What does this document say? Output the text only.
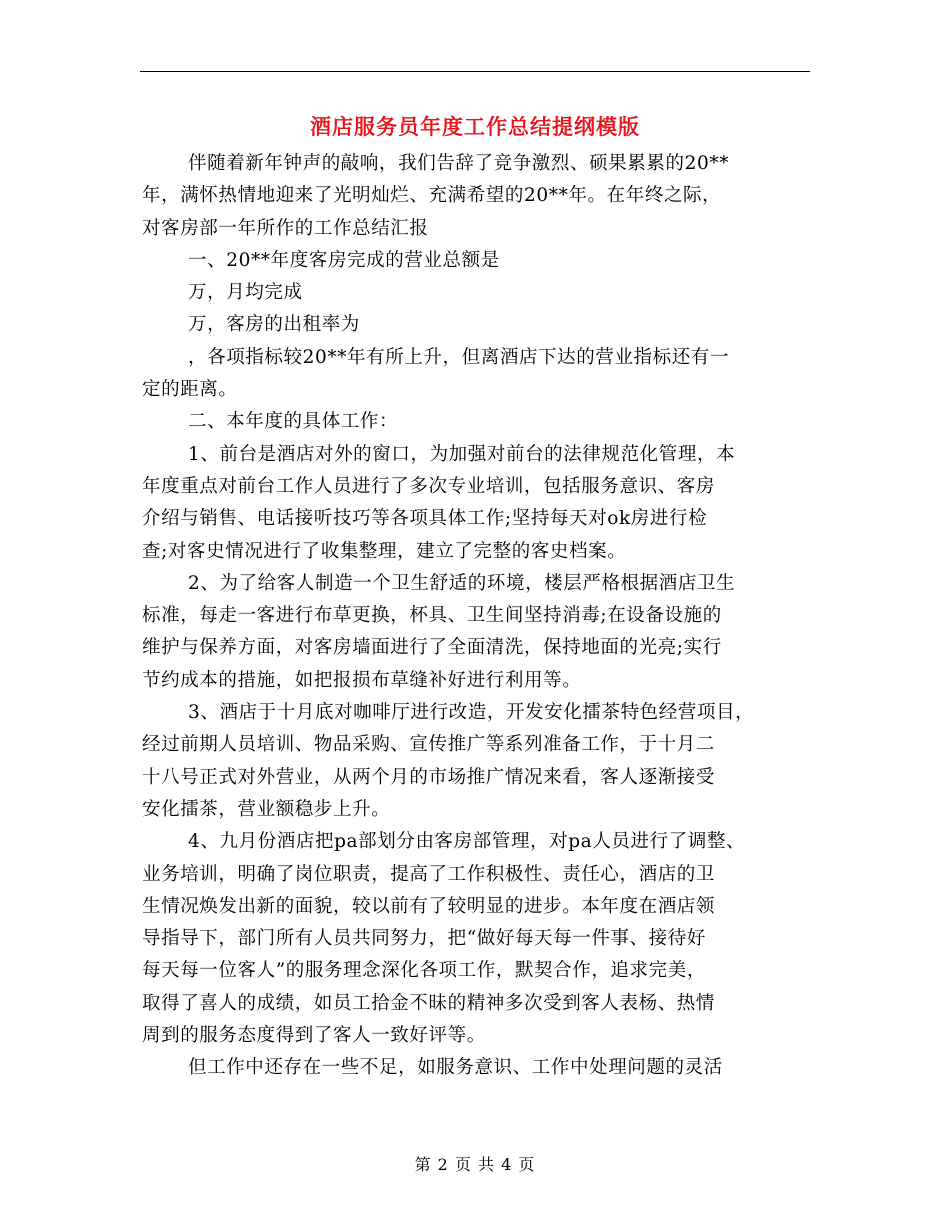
酒店服务员年度工作总结提纲模版
伴随着新年钟声的敲响，我们告辞了竞争激烈、硕果累累的20**
年，满怀热情地迎来了光明灿烂、充满希望的20**年。在年终之际，
对客房部一年所作的工作总结汇报
一、20**年度客房完成的营业总额是
万，月均完成
万，客房的出租率为
，各项指标较20**年有所上升，但离酒店下达的营业指标还有一
定的距离。
二、本年度的具体工作：
1、前台是酒店对外的窗口，为加强对前台的法律规范化管理，本
年度重点对前台工作人员进行了多次专业培训，包括服务意识、客房
介绍与销售、电话接听技巧等各项具体工作;坚持每天对ok房进行检
查;对客史情况进行了收集整理，建立了完整的客史档案。
2、为了给客人制造一个卫生舒适的环境，楼层严格根据酒店卫生
标准，每走一客进行布草更换，杯具、卫生间坚持消毒;在设备设施的
维护与保养方面，对客房墙面进行了全面清洗，保持地面的光亮;实行
节约成本的措施，如把报损布草缝补好进行利用等。
3、酒店于十月底对咖啡厅进行改造，开发安化擂茶特色经营项目，
经过前期人员培训、物品采购、宣传推广等系列准备工作，于十月二
十八号正式对外营业，从两个月的市场推广情况来看，客人逐渐接受
安化擂茶，营业额稳步上升。
4、九月份酒店把pa部划分由客房部管理，对pa人员进行了调整、
业务培训，明确了岗位职责，提高了工作积极性、责任心，酒店的卫
生情况焕发出新的面貌，较以前有了较明显的进步。本年度在酒店领
导指导下，部门所有人员共同努力，把“做好每天每一件事、接待好
每天每一位客人”的服务理念深化各项工作，默契合作，追求完美，
取得了喜人的成绩，如员工拾金不昧的精神多次受到客人表杨、热情
周到的服务态度得到了客人一致好评等。
但工作中还存在一些不足，如服务意识、工作中处理问题的灵活
第 2 页 共 4 页
